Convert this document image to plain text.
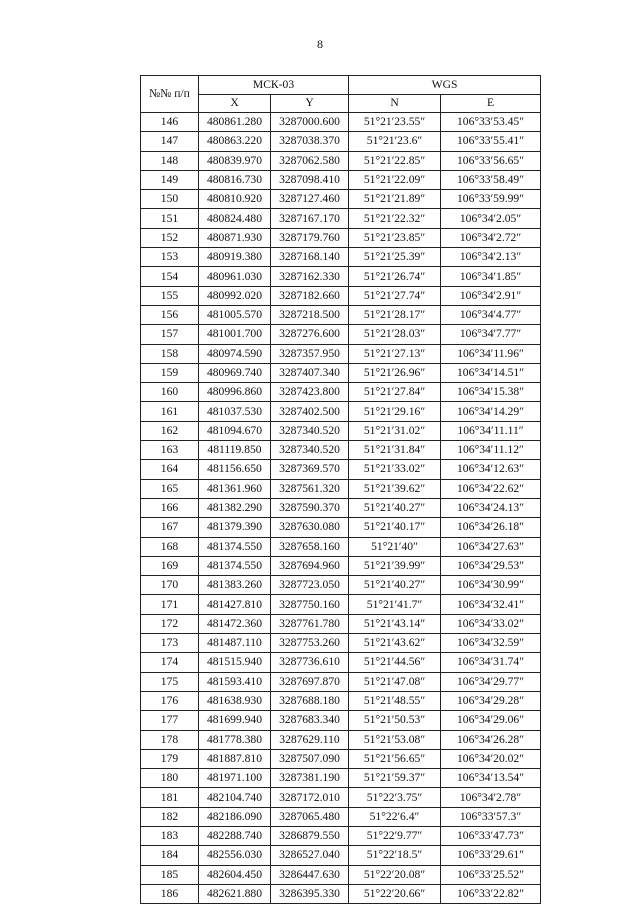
8
№№ п/п	МСК-03		WGS	
	X	Y	N	E
146	480861.280	3287000.600	51°21′23.55″	106°33′53.45″
147	480863.220	3287038.370	51°21′23.6″	106°33′55.41″
148	480839.970	3287062.580	51°21′22.85″	106°33′56.65″
149	480816.730	3287098.410	51°21′22.09″	106°33′58.49″
150	480810.920	3287127.460	51°21′21.89″	106°33′59.99″
151	480824.480	3287167.170	51°21′22.32″	106°34′2.05″
152	480871.930	3287179.760	51°21′23.85″	106°34′2.72″
153	480919.380	3287168.140	51°21′25.39″	106°34′2.13″
154	480961.030	3287162.330	51°21′26.74″	106°34′1.85″
155	480992.020	3287182.660	51°21′27.74″	106°34′2.91″
156	481005.570	3287218.500	51°21′28.17″	106°34′4.77″
157	481001.700	3287276.600	51°21′28.03″	106°34′7.77″
158	480974.590	3287357.950	51°21′27.13″	106°34′11.96″
159	480969.740	3287407.340	51°21′26.96″	106°34′14.51″
160	480996.860	3287423.800	51°21′27.84″	106°34′15.38″
161	481037.530	3287402.500	51°21′29.16″	106°34′14.29″
162	481094.670	3287340.520	51°21′31.02″	106°34′11.11″
163	481119.850	3287340.520	51°21′31.84″	106°34′11.12″
164	481156.650	3287369.570	51°21′33.02″	106°34′12.63″
165	481361.960	3287561.320	51°21′39.62″	106°34′22.62″
166	481382.290	3287590.370	51°21′40.27″	106°34′24.13″
167	481379.390	3287630.080	51°21′40.17″	106°34′26.18″
168	481374.550	3287658.160	51°21′40″	106°34′27.63″
169	481374.550	3287694.960	51°21′39.99″	106°34′29.53″
170	481383.260	3287723.050	51°21′40.27″	106°34′30.99″
171	481427.810	3287750.160	51°21′41.7″	106°34′32.41″
172	481472.360	3287761.780	51°21′43.14″	106°34′33.02″
173	481487.110	3287753.260	51°21′43.62″	106°34′32.59″
174	481515.940	3287736.610	51°21′44.56″	106°34′31.74″
175	481593.410	3287697.870	51°21′47.08″	106°34′29.77″
176	481638.930	3287688.180	51°21′48.55″	106°34′29.28″
177	481699.940	3287683.340	51°21′50.53″	106°34′29.06″
178	481778.380	3287629.110	51°21′53.08″	106°34′26.28″
179	481887.810	3287507.090	51°21′56.65″	106°34′20.02″
180	481971.100	3287381.190	51°21′59.37″	106°34′13.54″
181	482104.740	3287172.010	51°22′3.75″	106°34′2.78″
182	482186.090	3287065.480	51°22′6.4″	106°33′57.3″
183	482288.740	3286879.550	51°22′9.77″	106°33′47.73″
184	482556.030	3286527.040	51°22′18.5″	106°33′29.61″
185	482604.450	3286447.630	51°22′20.08″	106°33′25.52″
186	482621.880	3286395.330	51°22′20.66″	106°33′22.82″
